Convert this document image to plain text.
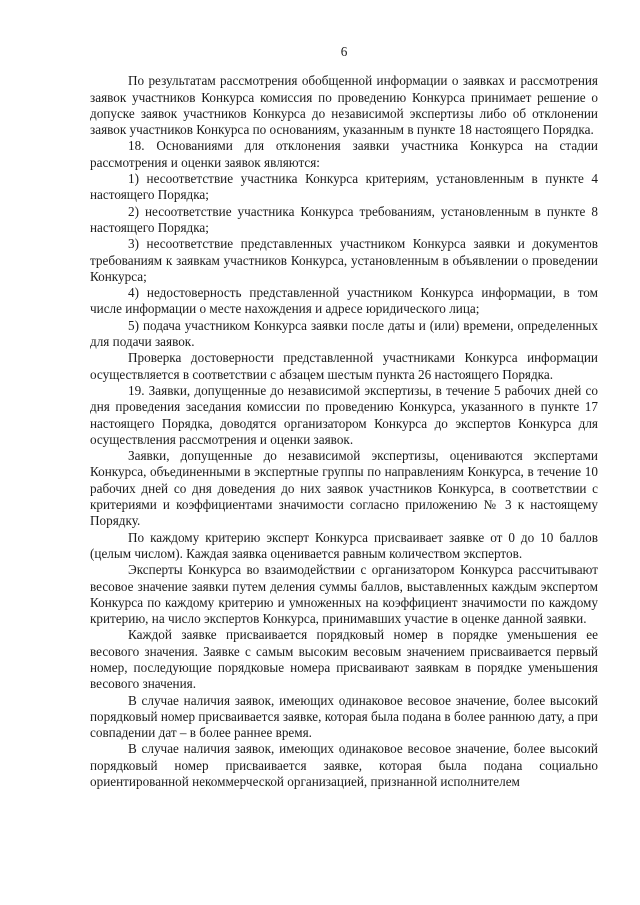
6

По результатам рассмотрения обобщенной информации о заявках и рассмотрения заявок участников Конкурса комиссия по проведению Конкурса принимает решение о допуске заявок участников Конкурса до независимой экспертизы либо об отклонении заявок участников Конкурса по основаниям, указанным в пункте 18 настоящего Порядка.

18. Основаниями для отклонения заявки участника Конкурса на стадии рассмотрения и оценки заявок являются:

1) несоответствие участника Конкурса критериям, установленным в пункте 4 настоящего Порядка;

2) несоответствие участника Конкурса требованиям, установленным в пункте 8 настоящего Порядка;

3) несоответствие представленных участником Конкурса заявки и документов требованиям к заявкам участников Конкурса, установленным в объявлении о проведении Конкурса;

4) недостоверность представленной участником Конкурса информации, в том числе информации о месте нахождения и адресе юридического лица;

5) подача участником Конкурса заявки после даты и (или) времени, определенных для подачи заявок.

Проверка достоверности представленной участниками Конкурса информации осуществляется в соответствии с абзацем шестым пункта 26 настоящего Порядка.

19. Заявки, допущенные до независимой экспертизы, в течение 5 рабочих дней со дня проведения заседания комиссии по проведению Конкурса, указанного в пункте 17 настоящего Порядка, доводятся организатором Конкурса до экспертов Конкурса для осуществления рассмотрения и оценки заявок.

Заявки, допущенные до независимой экспертизы, оцениваются экспертами Конкурса, объединенными в экспертные группы по направлениям Конкурса, в течение 10 рабочих дней со дня доведения до них заявок участников Конкурса, в соответствии с критериями и коэффициентами значимости согласно приложению № 3 к настоящему Порядку.

По каждому критерию эксперт Конкурса присваивает заявке от 0 до 10 баллов (целым числом). Каждая заявка оценивается равным количеством экспертов.

Эксперты Конкурса во взаимодействии с организатором Конкурса рассчитывают весовое значение заявки путем деления суммы баллов, выставленных каждым экспертом Конкурса по каждому критерию и умноженных на коэффициент значимости по каждому критерию, на число экспертов Конкурса, принимавших участие в оценке данной заявки.

Каждой заявке присваивается порядковый номер в порядке уменьшения ее весового значения. Заявке с самым высоким весовым значением присваивается первый номер, последующие порядковые номера присваивают заявкам в порядке уменьшения весового значения.

В случае наличия заявок, имеющих одинаковое весовое значение, более высокий порядковый номер присваивается заявке, которая была подана в более раннюю дату, а при совпадении дат – в более раннее время.

В случае наличия заявок, имеющих одинаковое весовое значение, более высокий порядковый номер присваивается заявке, которая была подана социально ориентированной некоммерческой организацией, признанной исполнителем
